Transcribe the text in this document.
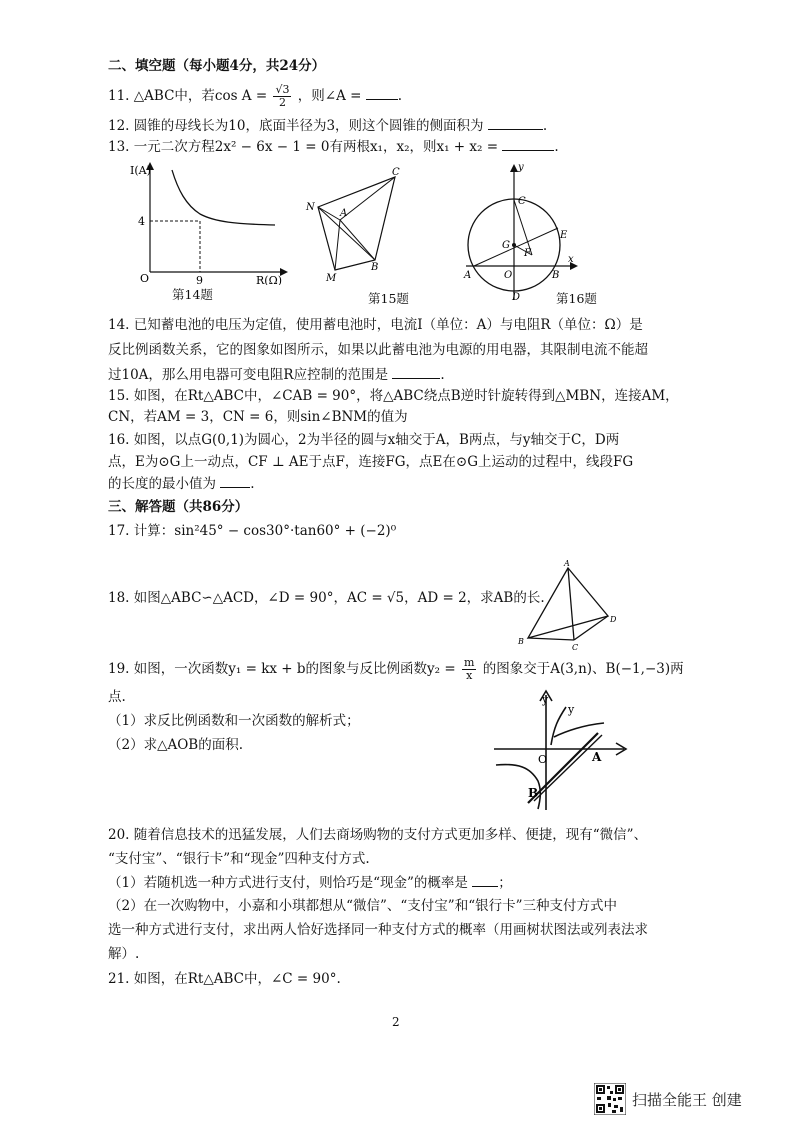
二、填空题（每小题4分，共24分）
11. △ABC中，若$\cos A = \frac{√3}{2}$ ，则∠A =	.
12. 圆锥的母线长为10，底面半径为3，则这个圆锥的侧面积为	.
13. 一元二次方程2x² − 6x − 1 = 0有两根x₁，x₂，则x₁ + x₂ =	.
I(A)
4
O	9	R(Ω)
第14题
C
N
A
M
B
第15题
y
C
G
E
F
A	O	B
x
D	第16题
14. 已知蓄电池的电压为定值，使用蓄电池时，电流I（单位：A）与电阻R（单位：Ω）是
反比例函数关系，它的图象如图所示，如果以此蓄电池为电源的用电器，其限制电流不能超
过10A，那么用电器可变电阻R应控制的范围是	.
15. 如图，在Rt△ABC中，∠CAB = 90°，将△ABC绕点B逆时针旋转得到△MBN，连接AM，
CN，若AM = 3，CN = 6，则sin∠BNM的值为
16. 如图，以点G(0,1)为圆心，2为半径的圆与x轴交于A，B两点，与y轴交于C，D两
点，E为⊙G上一动点，CF ⊥ AE于点F，连接FG，点E在⊙G上运动的过程中，线段FG
的长度的最小值为	.
三、解答题（共86分）
17. 计算：sin²45° − cos30°·tan60° + (−2)⁰
18. 如图△ABC∽△ACD，∠D = 90°，AC = √5，AD = 2，求AB的长.
A
B
C
D
19. 如图，一次函数y₁ = kx + b的图象与反比例函数$y_2 = \frac{m}{x}$ 的图象交于A(3,n)、B(−1,−3)两
点.
（1）求反比例函数和一次函数的解析式；
（2）求△AOB的面积.
y
y
O	A
B
20. 随着信息技术的迅猛发展，人们去商场购物的支付方式更加多样、便捷，现有“微信”、
“支付宝”、“银行卡”和“现金”四种支付方式.
（1）若随机选一种方式进行支付，则恰巧是“现金”的概率是 ；
（2）在一次购物中，小嘉和小琪都想从“微信”、“支付宝”和“银行卡”三种支付方式中
选一种方式进行支付，求出两人恰好选择同一种支付方式的概率（用画树状图法或列表法求
解）.
21. 如图，在Rt△ABC中，∠C = 90°.
2
扫描全能王 创建
